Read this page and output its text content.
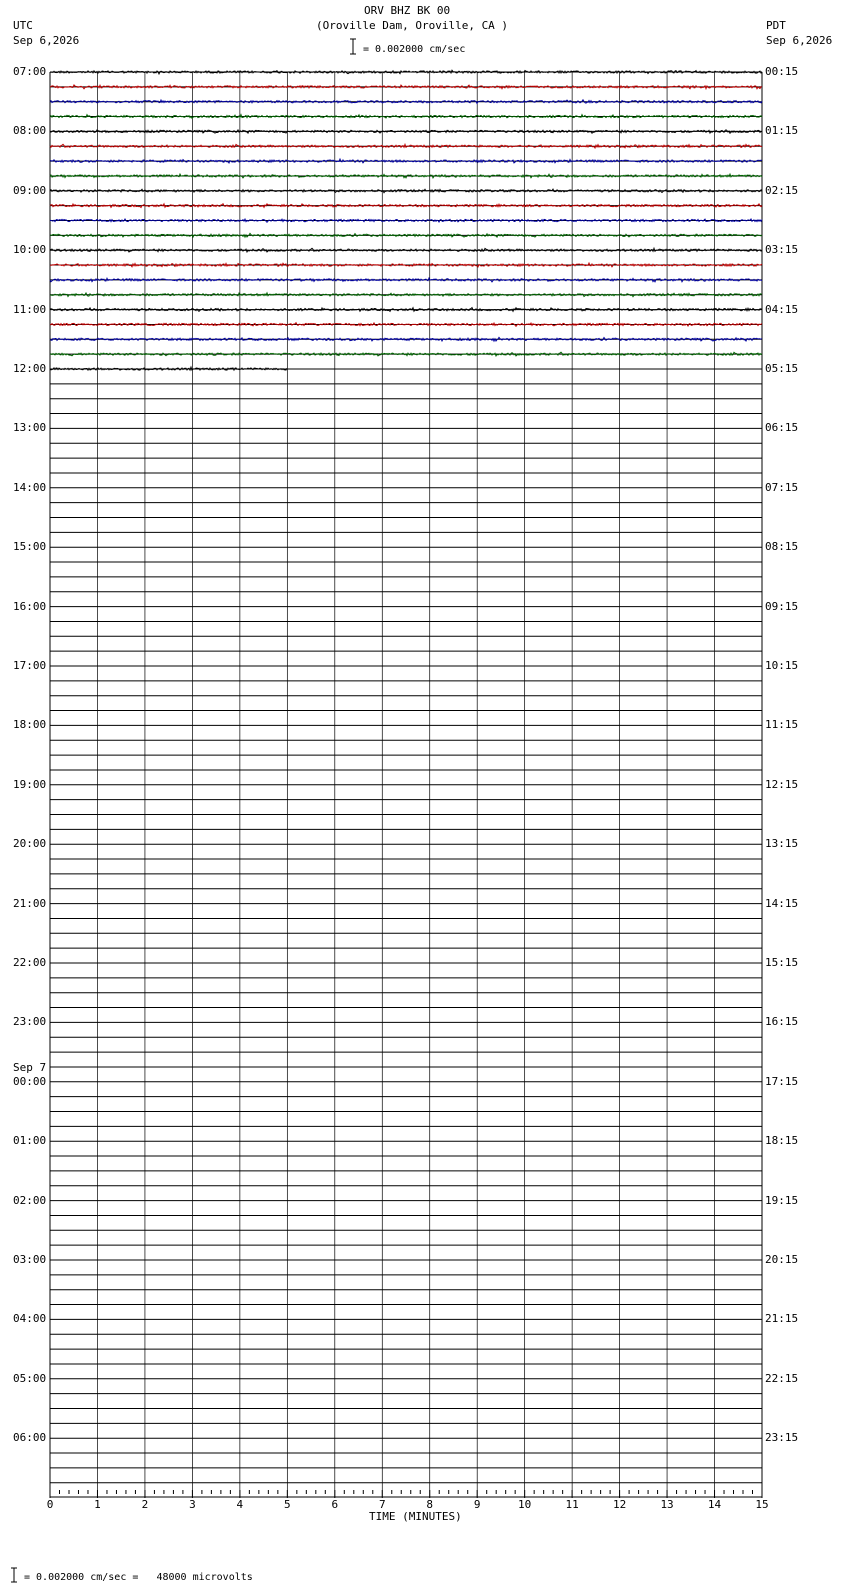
0	1	2	3	4	5	6	7	8	9	10	11	12	13	14	15
ORV BHZ BK 00
(Oroville Dam, Oroville, CA )
UTC
Sep 6,2026
PDT
Sep 6,2026
= 0.002000 cm/sec
TIME (MINUTES)
= 0.002000 cm/sec =   48000 microvolts
Sep 7
07:00
08:00
09:00
10:00
11:00
12:00
13:00
14:00
15:00
16:00
17:00
18:00
19:00
20:00
21:00
22:00
23:00
00:00
01:00
02:00
03:00
04:00
05:00
06:00
00:15
01:15
02:15
03:15
04:15
05:15
06:15
07:15
08:15
09:15
10:15
11:15
12:15
13:15
14:15
15:15
16:15
17:15
18:15
19:15
20:15
21:15
22:15
23:15
